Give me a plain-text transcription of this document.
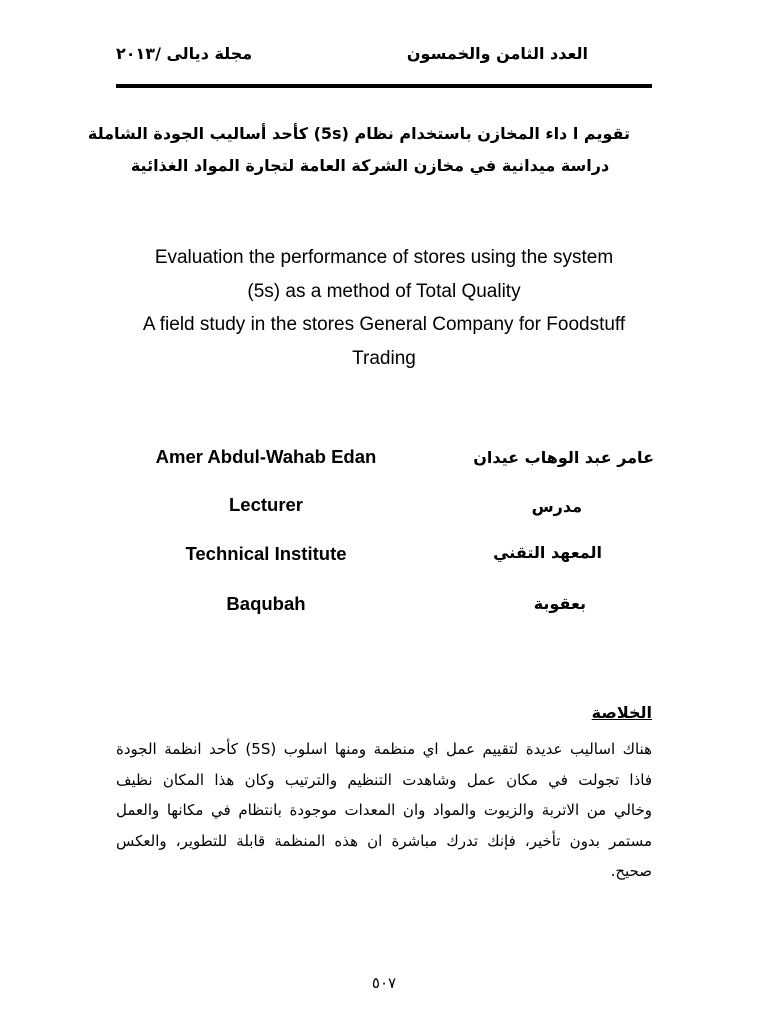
العدد الثامن والخمسون
مجلة ديالى /٢٠١٣
تقويم ا داء المخازن باستخدام نظام (5s) كأحد أساليب الجودة الشاملة
دراسة ميدانية في مخازن الشركة العامة لتجارة المواد الغذائية
Evaluation the performance of stores using the system
(5s) as a method of Total Quality
A field study in the stores General Company for Foodstuff
Trading
Amer Abdul-Wahab Edan
Lecturer
Technical Institute
Baqubah
عامر عبد الوهاب عيدان
مدرس
المعهد التقني
بعقوبة
الخلاصة
هناك اساليب عديدة لتقييم عمل اي منظمة ومنها اسلوب (5S) كأحد انظمة الجودة
فاذا تجولت في مكان عمل وشاهدت التنظيم والترتيب وكان هذا المكان نظيف
وخالي من الاتربة والزيوت والمواد وان المعدات موجودة بانتظام في مكانها والعمل
مستمر بدون تأخير، فإنك تدرك مباشرة ان هذه المنظمة قابلة للتطوير، والعكس
صحيح.
٥٠٧
